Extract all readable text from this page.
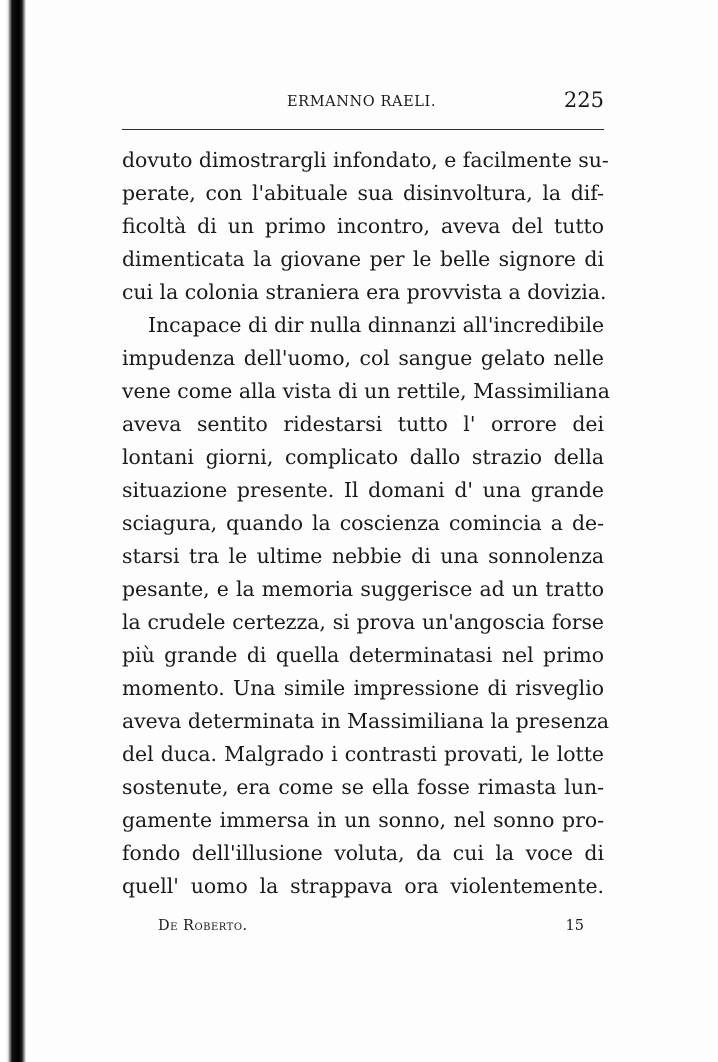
ERMANNO RAELI.	225
dovuto dimostrargli infondato, e facilmente su-
perate, con l'abituale sua disinvoltura, la dif-
ficoltà di un primo incontro, aveva del tutto
dimenticata la giovane per le belle signore di
cui la colonia straniera era provvista a dovizia.
Incapace di dir nulla dinnanzi all'incredibile
impudenza dell'uomo, col sangue gelato nelle
vene come alla vista di un rettile, Massimiliana
aveva sentito ridestarsi tutto l' orrore dei
lontani giorni, complicato dallo strazio della
situazione presente. Il domani d' una grande
sciagura, quando la coscienza comincia a de-
starsi tra le ultime nebbie di una sonnolenza
pesante, e la memoria suggerisce ad un tratto
la crudele certezza, si prova un'angoscia forse
più grande di quella determinatasi nel primo
momento. Una simile impressione di risveglio
aveva determinata in Massimiliana la presenza
del duca. Malgrado i contrasti provati, le lotte
sostenute, era come se ella fosse rimasta lun-
gamente immersa in un sonno, nel sonno pro-
fondo dell'illusione voluta, da cui la voce di
quell' uomo la strappava ora violentemente.
De Roberto.	15
